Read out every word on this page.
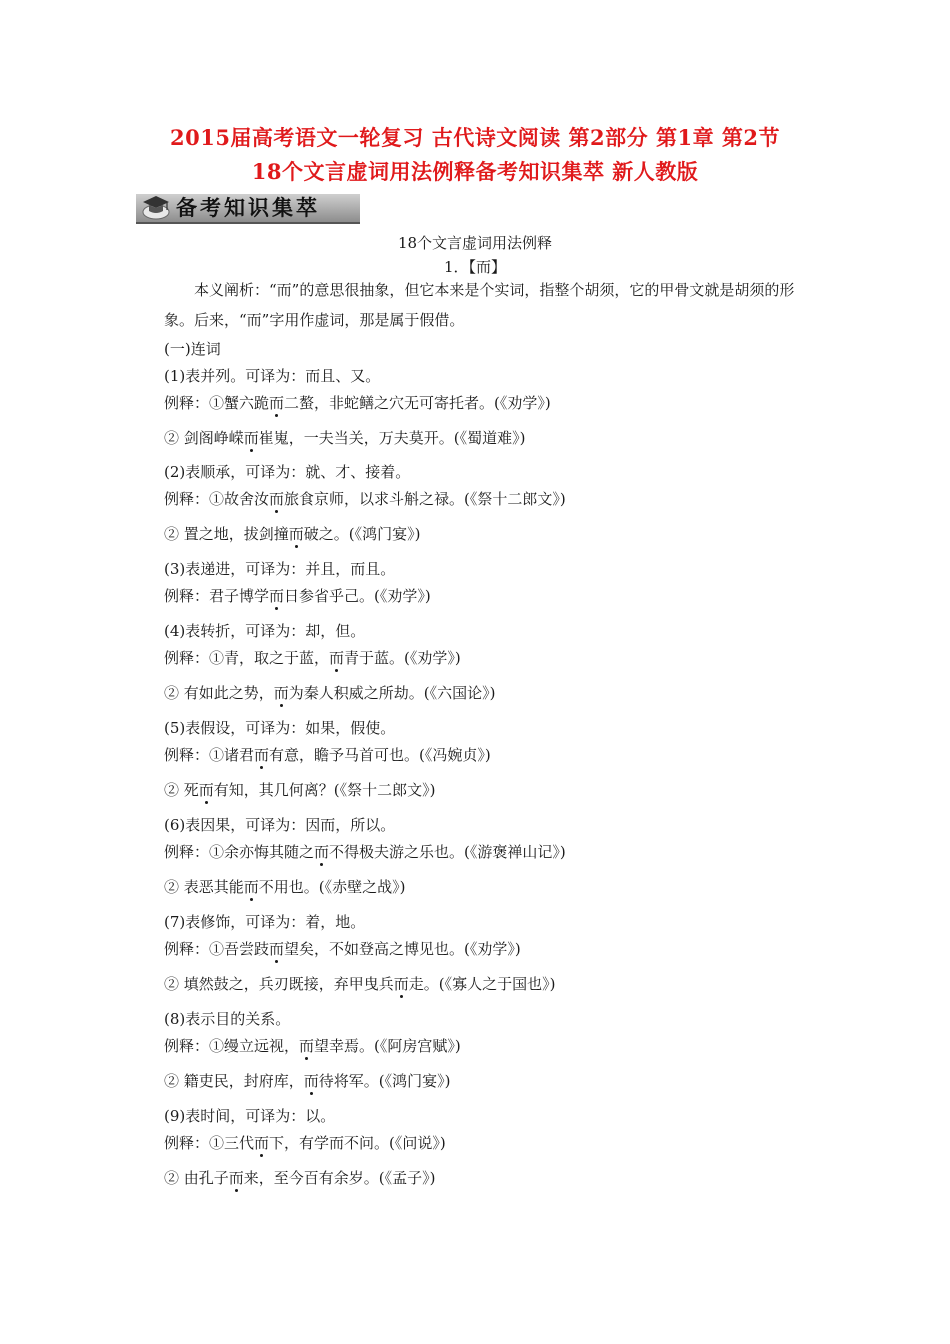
2015届高考语文一轮复习 古代诗文阅读 第2部分 第1章 第2节
18个文言虚词用法例释备考知识集萃 新人教版
备考知识集萃
18个文言虚词用法例释
1．【而】
本义阐析：“而”的意思很抽象，但它本来是个实词，指整个胡须，它的甲骨文就是胡须的形象。后来，“而”字用作虚词，那是属于假借。
(一)连词
(1)表并列。可译为：而且、又。
例释：①蟹六跪而二螯，非蛇鳝之穴无可寄托者。(《劝学》)
② 剑阁峥嵘而崔嵬，一夫当关，万夫莫开。(《蜀道难》)
(2)表顺承，可译为：就、才、接着。
例释：①故舍汝而旅食京师，以求斗斛之禄。(《祭十二郎文》)
② 置之地，拔剑撞而破之。(《鸿门宴》)
(3)表递进，可译为：并且，而且。
例释：君子博学而日参省乎己。(《劝学》)
(4)表转折，可译为：却，但。
例释：①青，取之于蓝，而青于蓝。(《劝学》)
② 有如此之势，而为秦人积威之所劫。(《六国论》)
(5)表假设，可译为：如果，假使。
例释：①诸君而有意，瞻予马首可也。(《冯婉贞》)
② 死而有知，其几何离？(《祭十二郎文》)
(6)表因果，可译为：因而，所以。
例释：①余亦悔其随之而不得极夫游之乐也。(《游褒禅山记》)
② 表恶其能而不用也。(《赤壁之战》)
(7)表修饰，可译为：着，地。
例释：①吾尝跂而望矣，不如登高之博见也。(《劝学》)
② 填然鼓之，兵刃既接，弃甲曳兵而走。(《寡人之于国也》)
(8)表示目的关系。
例释：①缦立远视，而望幸焉。(《阿房宫赋》)
② 籍吏民，封府库，而待将军。(《鸿门宴》)
(9)表时间，可译为：以。
例释：①三代而下，有学而不问。(《问说》)
② 由孔子而来，至今百有余岁。(《孟子》)
